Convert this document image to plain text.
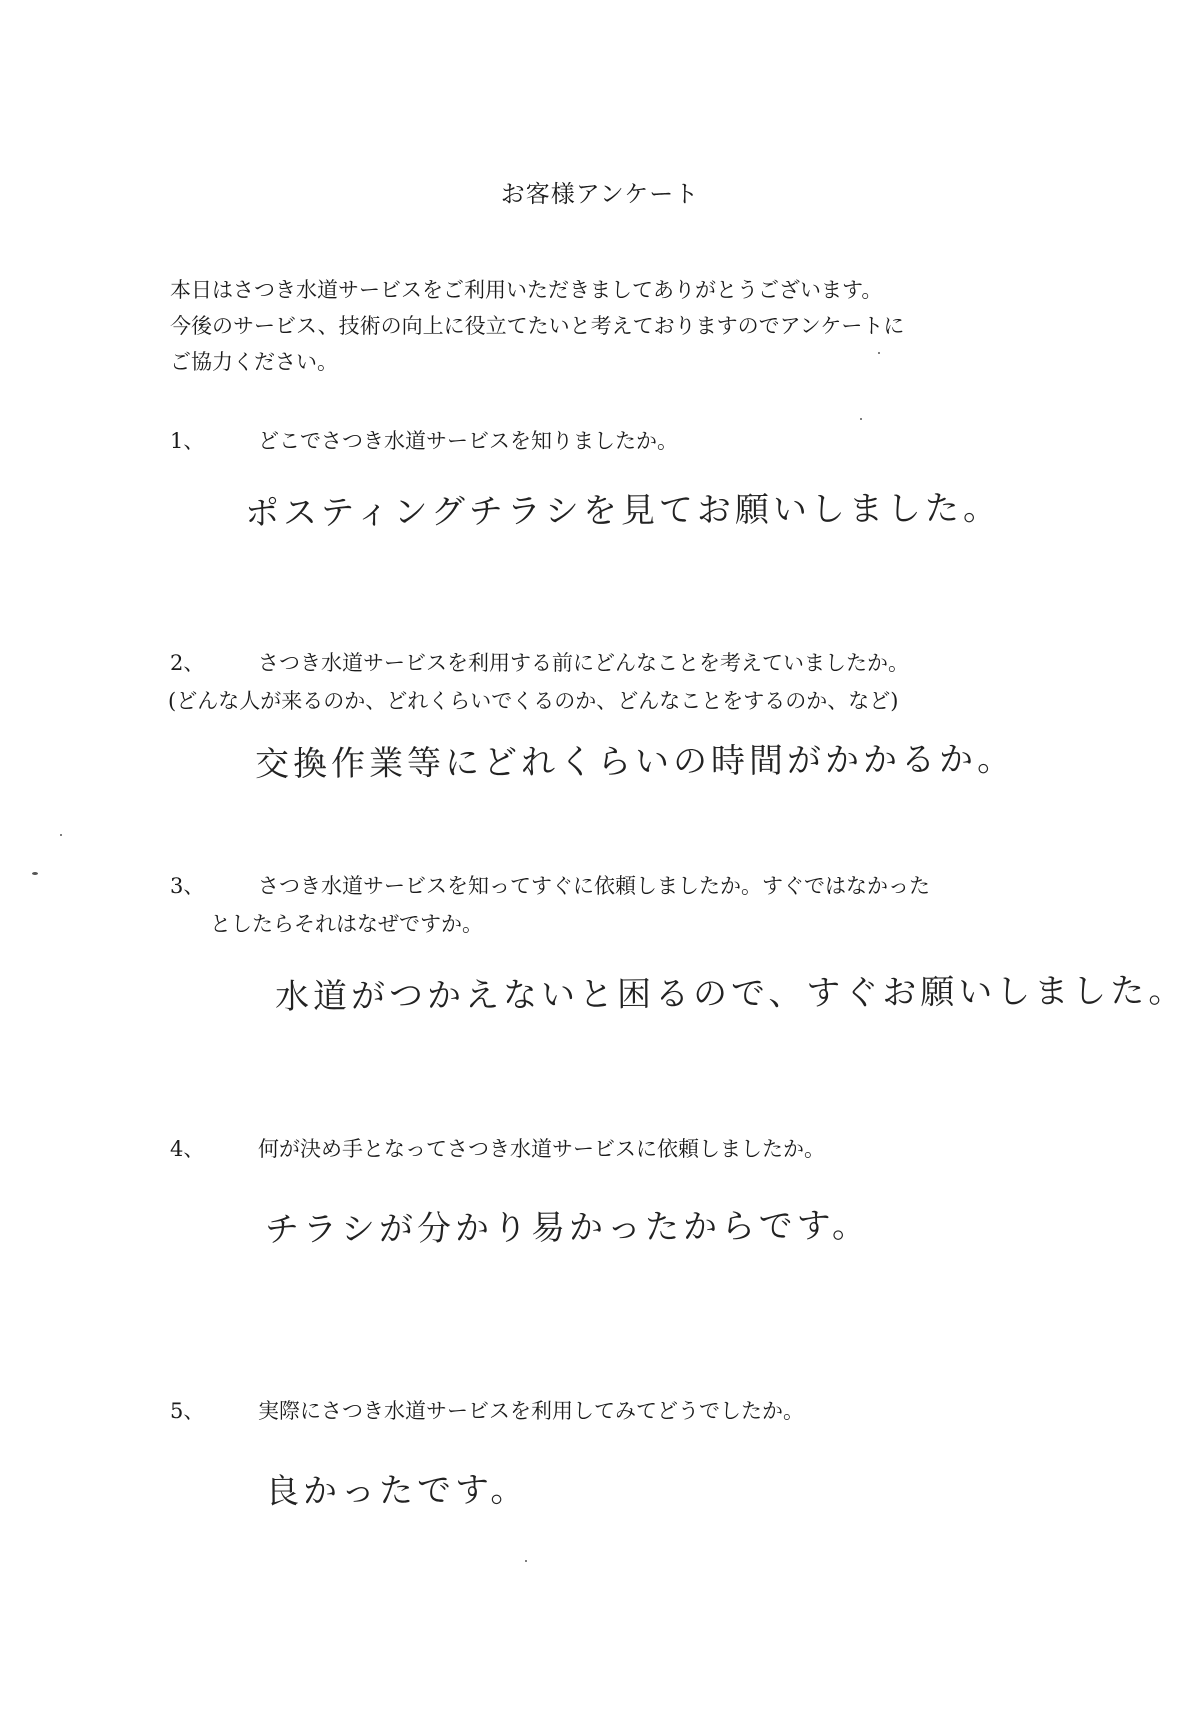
お客様アンケート
本日はさつき水道サービスをご利用いただきましてありがとうございます。
今後のサービス、技術の向上に役立てたいと考えておりますのでアンケートに
ご協力ください。
1、	どこでさつき水道サービスを知りましたか。
ポスティングチラシを見てお願いしました。
2、	さつき水道サービスを利用する前にどんなことを考えていましたか。
(どんな人が来るのか、どれくらいでくるのか、どんなことをするのか、など)
交換作業等にどれくらいの時間がかかるか。
3、	さつき水道サービスを知ってすぐに依頼しましたか。すぐではなかった
としたらそれはなぜですか。
水道がつかえないと困るので、すぐお願いしました。
4、	何が決め手となってさつき水道サービスに依頼しましたか。
チラシが分かり易かったからです。
5、	実際にさつき水道サービスを利用してみてどうでしたか。
良かったです。
